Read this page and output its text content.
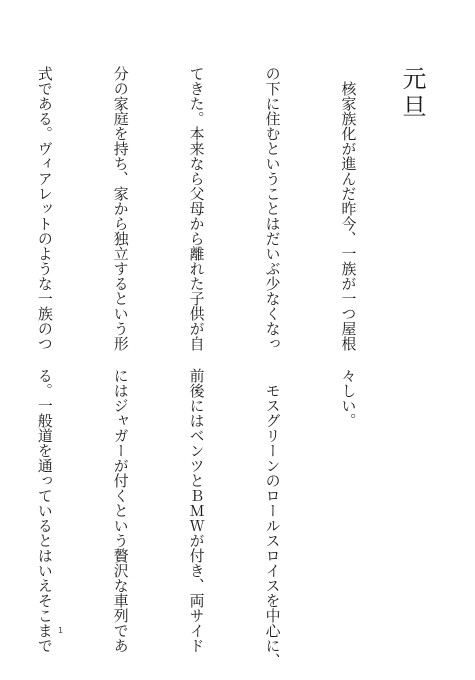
元旦

　核家族化が進んだ昨今、一族が一つ屋根

の下に住むということはだいぶ少なくなっ

てきた。本来なら父母から離れた子供が自

分の家庭を持ち、家から独立するという形

式である。ヴィアレットのような一族のつ

々しい。

　モスグリーンのロールスロイスを中心に、

前後にはベンツとＢＭＷが付き、両サイド

にはジャガーが付くという贅沢な車列であ

る。一般道を通っているとはいえそこまで

1
